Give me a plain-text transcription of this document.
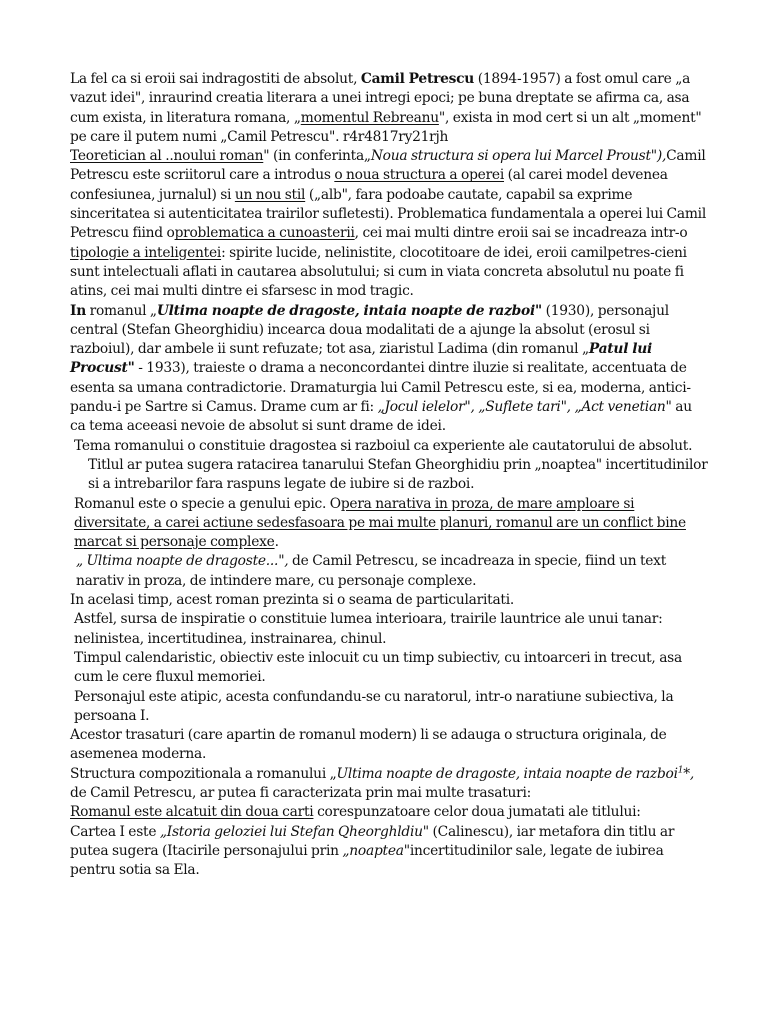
La fel ca si eroii sai indragostiti de absolut, Camil Petrescu (1894-1957) a fost omul care „a vazut idei", inraurind creatia literara a unei intregi epoci; pe buna dreptate se afirma ca, asa cum exista, in literatura romana, „momentul Rebreanu", exista in mod cert si un alt „moment" pe care il putem numi „Camil Petrescu". r4r4817ry21rjh

Teoretician al ..noului roman" (in conferinta„Noua structura si opera lui Marcel Proust"),Camil Petrescu este scriitorul care a introdus o noua structura a operei (al carei model devenea confesiunea, jurnalul) si un nou stil („alb", fara podoabe cautate, capabil sa exprime sinceritatea si autenticitatea trairilor sufletesti). Problematica fundamentala a operei lui Camil Petrescu fiind oproblematica a cunoasterii, cei mai multi dintre eroii sai se incadreaza intr-o tipologie a inteligentei: spirite lucide, nelinistite, clocotitoare de idei, eroii camilpetres-cieni sunt intelectuali aflati in cautarea absolutului; si cum in viata concreta absolutul nu poate fi atins, cei mai multi dintre ei sfarsesc in mod tragic.

In romanul „Ultima noapte de dragoste, intaia noapte de razboi" (1930), personajul central (Stefan Gheorghidiu) incearca doua modalitati de a ajunge la absolut (erosul si razboiul), dar ambele ii sunt refuzate; tot asa, ziaristul Ladima (din romanul „Patul lui Procust" - 1933), traieste o drama a neconcordantei dintre iluzie si realitate, accentuata de esenta sa umana contradictorie. Dramaturgia lui Camil Petrescu este, si ea, moderna, antici-pandu-i pe Sartre si Camus. Drame cum ar fi: „Jocul ielelor", „Suflete tari", „Act venetian" au ca tema aceeasi nevoie de absolut si sunt drame de idei.

Tema romanului o constituie dragostea si razboiul ca experiente ale cautatorului de absolut.

Titlul ar putea sugera ratacirea tanarului Stefan Gheorghidiu prin „noaptea" incertitudinilor si a intrebarilor fara raspuns legate de iubire si de razboi.

Romanul este o specie a genului epic. Opera narativa in proza, de mare amploare si diversitate, a carei actiune sedesfasoara pe mai multe planuri, romanul are un conflict bine marcat si personaje complexe.

„ Ultima noapte de dragoste...", de Camil Petrescu, se incadreaza in specie, fiind un text narativ in proza, de intindere mare, cu personaje complexe.

In acelasi timp, acest roman prezinta si o seama de particularitati.

Astfel, sursa de inspiratie o constituie lumea interioara, trairile launtrice ale unui tanar: nelinistea, incertitudinea, instrainarea, chinul.

Timpul calendaristic, obiectiv este inlocuit cu un timp subiectiv, cu intoarceri in trecut, asa cum le cere fluxul memoriei.

Personajul este atipic, acesta confundandu-se cu naratorul, intr-o naratiune subiectiva, la persoana I.

Acestor trasaturi (care apartin de romanul modern) li se adauga o structura originala, de asemenea moderna.

Structura compozitionala a romanului „Ultima noapte de dragoste, intaia noapte de razboi$^1$*, de Camil Petrescu, ar putea fi caracterizata prin mai multe trasaturi:

Romanul este alcatuit din doua carti corespunzatoare celor doua jumatati ale titlului:

Cartea I este „Istoria geloziei lui Stefan Qheorghldiu" (Calinescu), iar metafora din titlu ar putea sugera (Itacirile personajului prin „noaptea"incertitudinilor sale, legate de iubirea pentru sotia sa Ela.
